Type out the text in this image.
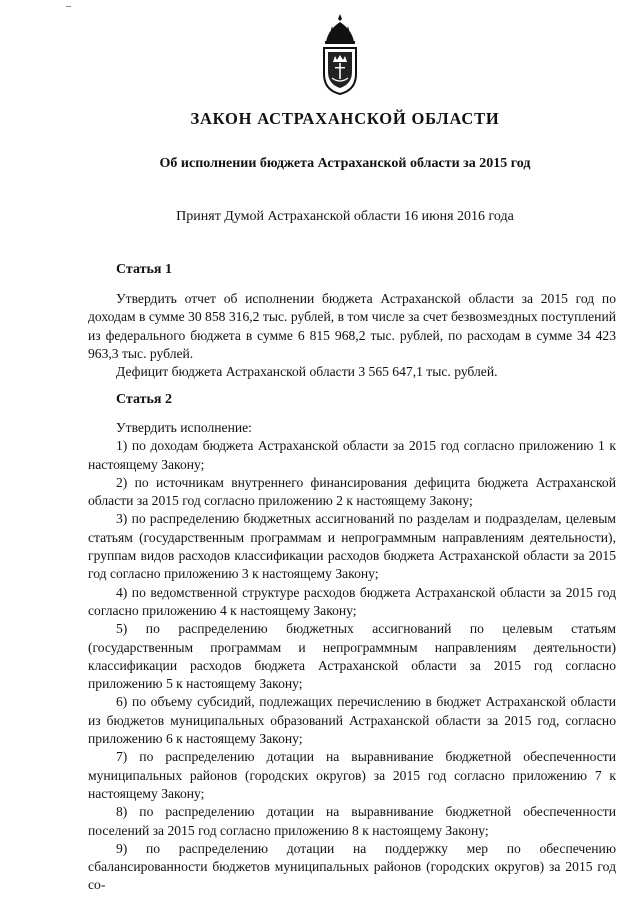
ЗАКОН АСТРАХАНСКОЙ ОБЛАСТИ
Об исполнении бюджета Астраханской области за 2015 год
Принят Думой Астраханской области 16 июня 2016 года
Статья 1

Утвердить отчет об исполнении бюджета Астраханской области за 2015 год по доходам в сумме 30 858 316,2 тыс. рублей, в том числе за счет безвозмездных поступлений из федерального бюджета в сумме 6 815 968,2 тыс. рублей, по расходам в сумме 34 423 963,3 тыс. рублей.

Дефицит бюджета Астраханской области 3 565 647,1 тыс. рублей.

Статья 2

Утвердить исполнение:

1) по доходам бюджета Астраханской области за 2015 год согласно приложению 1 к настоящему Закону;

2) по источникам внутреннего финансирования дефицита бюджета Астраханской области за 2015 год согласно приложению 2 к настоящему Закону;

3) по распределению бюджетных ассигнований по разделам и подразделам, целевым статьям (государственным программам и непрограммным направлениям деятельности), группам видов расходов классификации расходов бюджета Астраханской области за 2015 год согласно приложению 3 к настоящему Закону;

4) по ведомственной структуре расходов бюджета Астраханской области за 2015 год согласно приложению 4 к настоящему Закону;

5) по распределению бюджетных ассигнований по целевым статьям (государственным программам и непрограммным направлениям деятельности) классификации расходов бюджета Астраханской области за 2015 год согласно приложению 5 к настоящему Закону;

6) по объему субсидий, подлежащих перечислению в бюджет Астраханской области из бюджетов муниципальных образований Астраханской области за 2015 год, согласно приложению 6 к настоящему Закону;

7) по распределению дотации на выравнивание бюджетной обеспеченности муниципальных районов (городских округов) за 2015 год согласно приложению 7 к настоящему Закону;

8) по распределению дотации на выравнивание бюджетной обеспеченности поселений за 2015 год согласно приложению 8 к настоящему Закону;

9) по распределению дотации на поддержку мер по обеспечению сбалансированности бюджетов муниципальных районов (городских округов) за 2015 год со-
